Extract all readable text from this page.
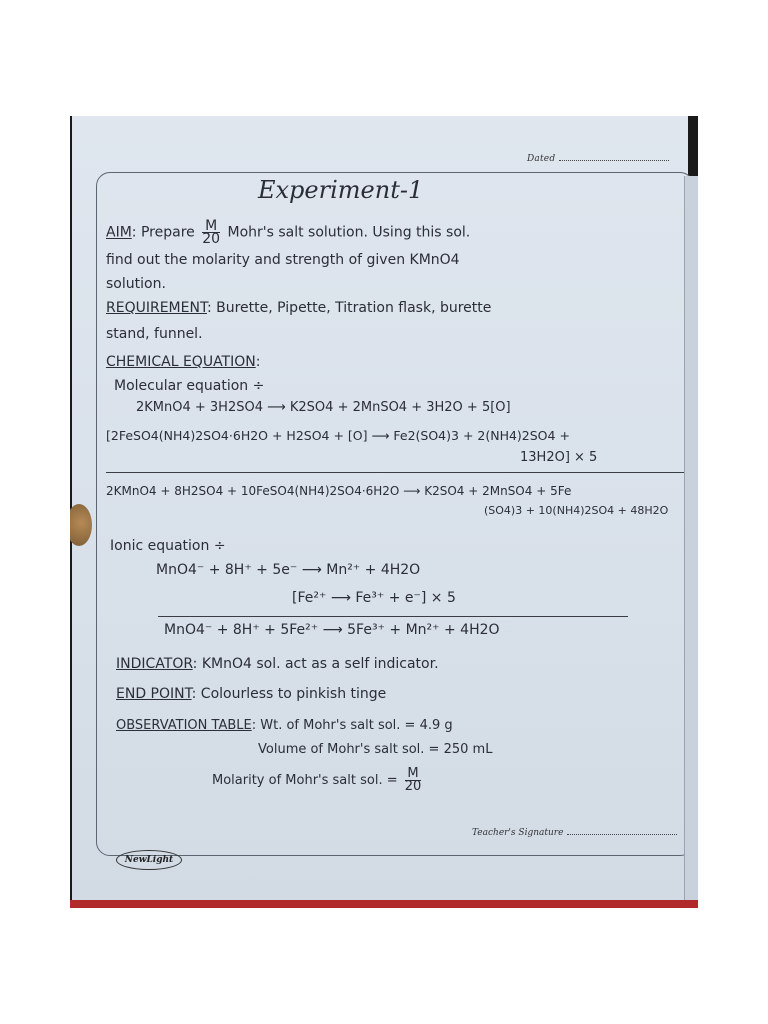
Dated
Experiment-1
AIM: Prepare $\frac{M}{20}$ Mohr's salt solution. Using this sol.
find out the molarity and strength of given KMnO4
solution.
REQUIREMENT: Burette, Pipette, Titration flask, burette
stand, funnel.
CHEMICAL EQUATION:
Molecular equation ÷
2KMnO4 + 3H2SO4 ⟶ K2SO4 + 2MnSO4 + 3H2O + 5[O]
[2FeSO4(NH4)2SO4·6H2O + H2SO4 + [O] ⟶ Fe2(SO4)3 + 2(NH4)2SO4 +
13H2O] × 5
2KMnO4 + 8H2SO4 + 10FeSO4(NH4)2SO4·6H2O ⟶ K2SO4 + 2MnSO4 + 5Fe
(SO4)3 + 10(NH4)2SO4 + 48H2O
Ionic equation ÷
MnO4⁻ + 8H⁺ + 5e⁻ ⟶ Mn²⁺ + 4H2O
[Fe²⁺ ⟶ Fe³⁺ + e⁻] × 5
MnO4⁻ + 8H⁺ + 5Fe²⁺ ⟶ 5Fe³⁺ + Mn²⁺ + 4H2O
INDICATOR: KMnO4 sol. act as a self indicator.
END POINT: Colourless to pinkish tinge
OBSERVATION TABLE: Wt. of Mohr's salt sol. = 4.9 g
Volume of Mohr's salt sol. = 250 mL
Molarity of Mohr's salt sol. = $\frac{M}{20}$
Teacher's Signature
NewLight
